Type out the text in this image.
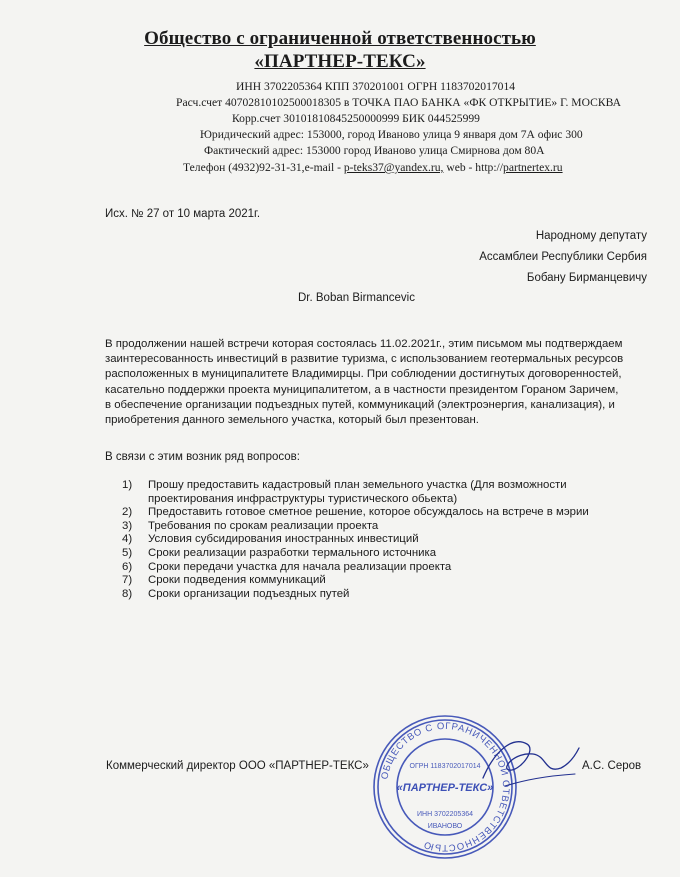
Общество с ограниченной ответственностью
«ПАРТНЕР-ТЕКС»
ИНН 3702205364 КПП 370201001 ОГРН 1183702017014
Расч.счет 40702810102500018305 в ТОЧКА ПАО БАНКА «ФК ОТКРЫТИЕ» Г. МОСКВА
Корр.счет 30101810845250000999 БИК 044525999
Юридический адрес: 153000, город Иваново улица 9 января дом 7А офис 300
Фактический адрес: 153000 город Иваново улица Смирнова дом 80А
Телефон (4932)92-31-31,e-mail - p-teks37@yandex.ru, web - http://partnertex.ru
Исх. № 27 от 10 марта 2021г.
Народному депутату
Ассамблеи Республики Сербия
Бобану Бирманцевичу
Dr. Boban Birmancevic

В продолжении нашей встречи которая состоялась 11.02.2021г., этим письмом мы подтверждаем заинтересованность инвестиций в развитие туризма, с использованием геотермальных ресурсов расположенных в муниципалитете Владимирцы. При соблюдении достигнутых договоренностей, касательно поддержки проекта муниципалитетом, а в частности президентом Гораном Заричем, в обеспечение организации подъездных путей, коммуникаций (электроэнергия, канализация), и приобретения данного земельного участка, который был презентован.

В связи с этим возник ряд вопросов:
1) Прошу предоставить кадастровый план земельного участка (Для возможности проектирования инфраструктуры туристического обьекта)
2) Предоставить готовое сметное решение, которое обсуждалось на встрече в мэрии
3) Требования по срокам реализации проекта
4) Условия субсидирования иностранных инвестиций
5) Сроки реализации разработки термального источника
6) Сроки передачи участка для начала реализации проекта
7) Сроки подведения коммуникаций
8) Сроки организации подъездных путей
Коммерческий директор ООО «ПАРТНЕР-ТЕКС»	А.С. Серов
ОБЩЕСТВО С ОГРАНИЧЕННОЙ ОТВЕТСТВЕННОСТЬЮ
ОГРН 1183702017014
«ПАРТНЕР-ТЕКС»
ИНН 3702205364
ИВАНОВО
